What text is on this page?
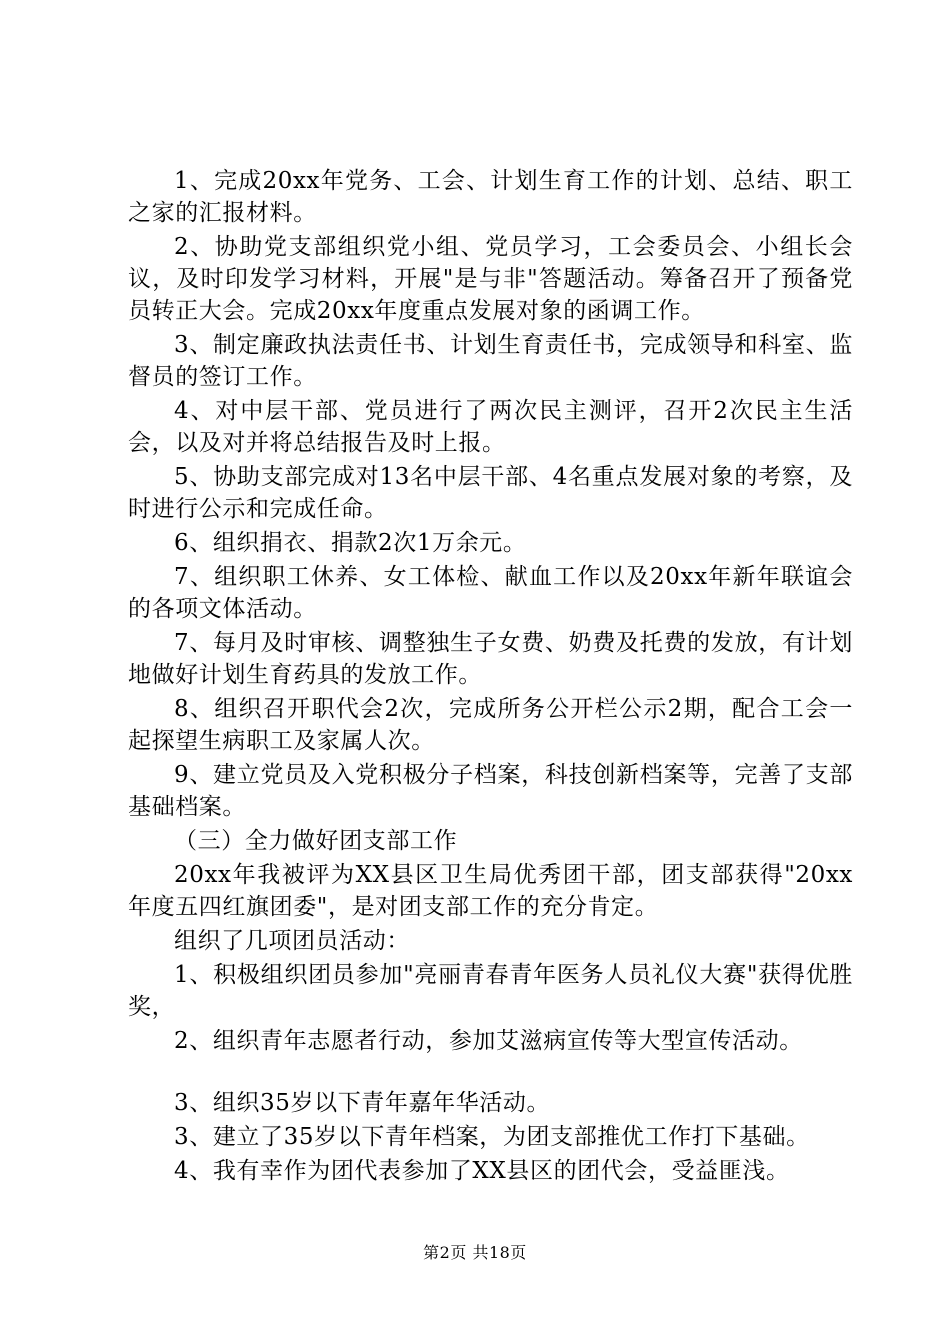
1、完成20xx年党务、工会、计划生育工作的计划、总结、职工之家的汇报材料。

2、协助党支部组织党小组、党员学习，工会委员会、小组长会议，及时印发学习材料，开展"是与非"答题活动。筹备召开了预备党员转正大会。完成20xx年度重点发展对象的函调工作。

3、制定廉政执法责任书、计划生育责任书，完成领导和科室、监督员的签订工作。

4、对中层干部、党员进行了两次民主测评，召开2次民主生活会，以及对并将总结报告及时上报。

5、协助支部完成对13名中层干部、4名重点发展对象的考察，及时进行公示和完成任命。

6、组织捐衣、捐款2次1万余元。

7、组织职工休养、女工体检、献血工作以及20xx年新年联谊会的各项文体活动。

7、每月及时审核、调整独生子女费、奶费及托费的发放，有计划地做好计划生育药具的发放工作。

8、组织召开职代会2次，完成所务公开栏公示2期，配合工会一起探望生病职工及家属人次。

9、建立党员及入党积极分子档案，科技创新档案等，完善了支部基础档案。

（三）全力做好团支部工作

20xx年我被评为XX县区卫生局优秀团干部，团支部获得"20xx年度五四红旗团委"，是对团支部工作的充分肯定。

组织了几项团员活动：

1、积极组织团员参加"亮丽青春青年医务人员礼仪大赛"获得优胜奖，

2、组织青年志愿者行动，参加艾滋病宣传等大型宣传活动。

3、组织35岁以下青年嘉年华活动。

3、建立了35岁以下青年档案，为团支部推优工作打下基础。

4、我有幸作为团代表参加了XX县区的团代会，受益匪浅。

第2页 共18页
